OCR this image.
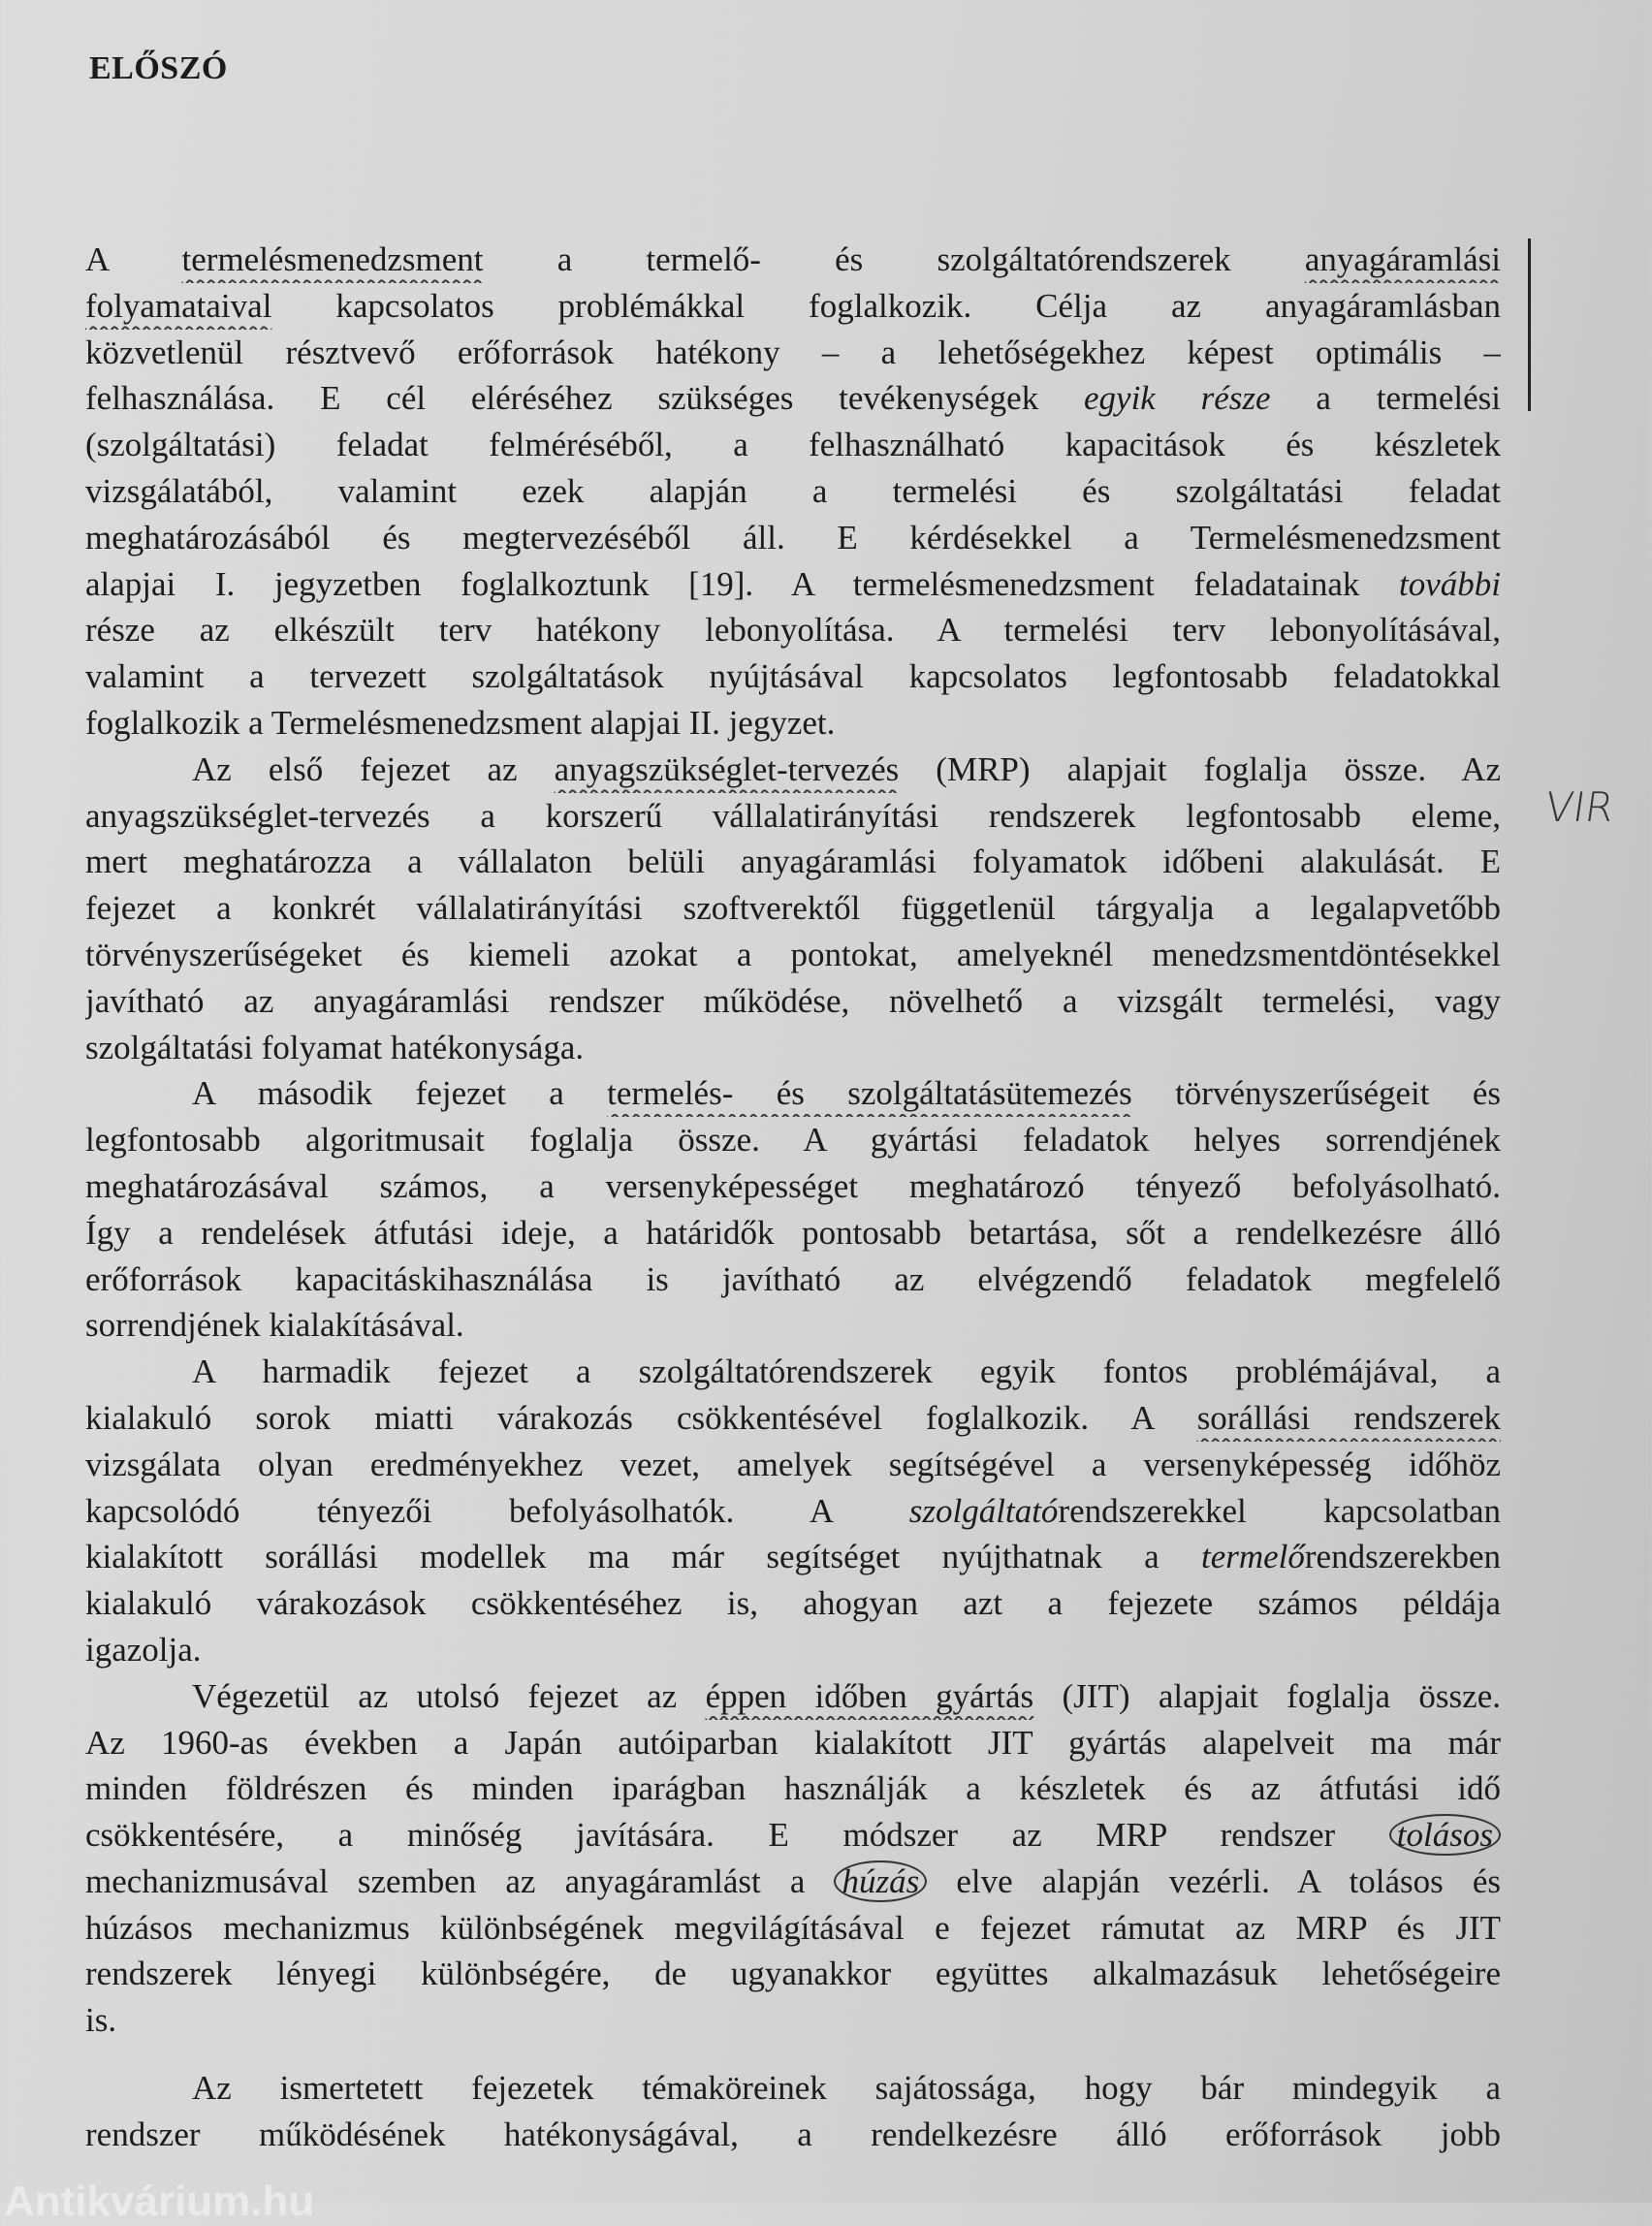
ELŐSZÓ
A termelésmenedzsment a termelő- és szolgáltatórendszerek anyagáramlási
folyamataival kapcsolatos problémákkal foglalkozik. Célja az anyagáramlásban
közvetlenül résztvevő erőforrások hatékony – a lehetőségekhez képest optimális –
felhasználása. E cél eléréséhez szükséges tevékenységek egyik része a termelési
(szolgáltatási) feladat felméréséből, a felhasználható kapacitások és készletek
vizsgálatából, valamint ezek alapján a termelési és szolgáltatási feladat
meghatározásából és megtervezéséből áll. E kérdésekkel a Termelésmenedzsment
alapjai I. jegyzetben foglalkoztunk [19]. A termelésmenedzsment feladatainak további
része az elkészült terv hatékony lebonyolítása. A termelési terv lebonyolításával,
valamint a tervezett szolgáltatások nyújtásával kapcsolatos legfontosabb feladatokkal
foglalkozik a Termelésmenedzsment alapjai II. jegyzet.
Az első fejezet az anyagszükséglet-tervezés (MRP) alapjait foglalja össze. Az
anyagszükséglet-tervezés a korszerű vállalatirányítási rendszerek legfontosabb eleme,
mert meghatározza a vállalaton belüli anyagáramlási folyamatok időbeni alakulását. E
fejezet a konkrét vállalatirányítási szoftverektől függetlenül tárgyalja a legalapvetőbb
törvényszerűségeket és kiemeli azokat a pontokat, amelyeknél menedzsmentdöntésekkel
javítható az anyagáramlási rendszer működése, növelhető a vizsgált termelési, vagy
szolgáltatási folyamat hatékonysága.
A második fejezet a termelés- és szolgáltatásütemezés törvényszerűségeit és
legfontosabb algoritmusait foglalja össze. A gyártási feladatok helyes sorrendjének
meghatározásával számos, a versenyképességet meghatározó tényező befolyásolható.
Így a rendelések átfutási ideje, a határidők pontosabb betartása, sőt a rendelkezésre álló
erőforrások kapacitáskihasználása is javítható az elvégzendő feladatok megfelelő
sorrendjének kialakításával.
A harmadik fejezet a szolgáltatórendszerek egyik fontos problémájával, a
kialakuló sorok miatti várakozás csökkentésével foglalkozik. A sorállási rendszerek
vizsgálata olyan eredményekhez vezet, amelyek segítségével a versenyképesség időhöz
kapcsolódó tényezői befolyásolhatók. A szolgáltatórendszerekkel kapcsolatban
kialakított sorállási modellek ma már segítséget nyújthatnak a termelőrendszerekben
kialakuló várakozások csökkentéséhez is, ahogyan azt a fejezete számos példája
igazolja.
Végezetül az utolsó fejezet az éppen időben gyártás (JIT) alapjait foglalja össze.
Az 1960-as években a Japán autóiparban kialakított JIT gyártás alapelveit ma már
minden földrészen és minden iparágban használják a készletek és az átfutási idő
csökkentésére, a minőség javítására. E módszer az MRP rendszer tolásos
mechanizmusával szemben az anyagáramlást a húzás elve alapján vezérli. A tolásos és
húzásos mechanizmus különbségének megvilágításával e fejezet rámutat az MRP és JIT
rendszerek lényegi különbségére, de ugyanakkor együttes alkalmazásuk lehetőségeire
is.
Az ismertetett fejezetek témaköreinek sajátossága, hogy bár mindegyik a
rendszer működésének hatékonyságával, a rendelkezésre álló erőforrások jobb
VIR
Antikvárium.hu
